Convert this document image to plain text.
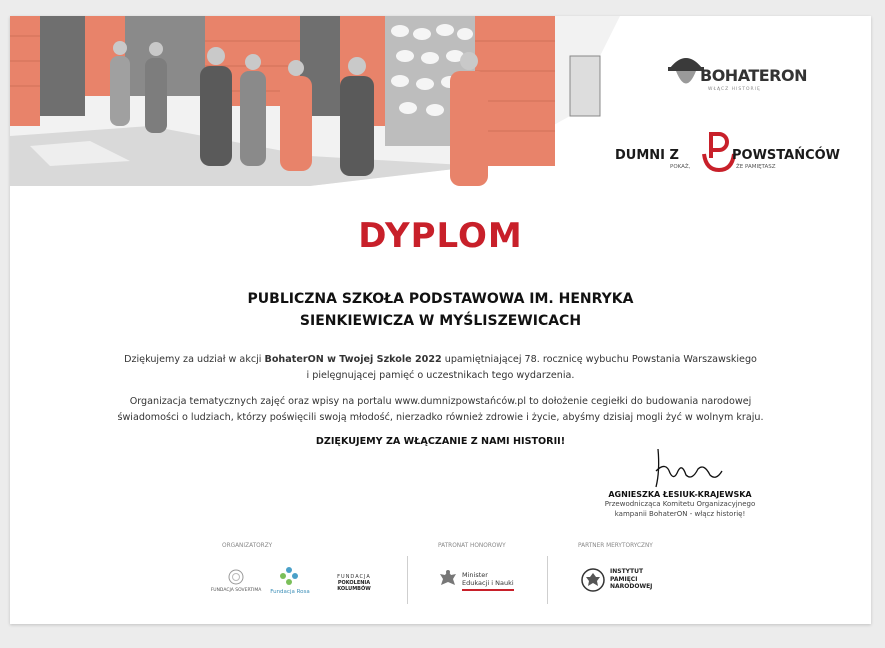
BOHATERON
WŁĄCZ HISTORIĘ
DUMNI Z	POWSTAŃCÓW
POKAŻ,	ŻE PAMIĘTASZ
DYPLOM
PUBLICZNA SZKOŁA PODSTAWOWA IM. HENRYKA
SIENKIEWICZA W MYŚLISZEWICACH
Dziękujemy za udział w akcji BohaterON w Twojej Szkole 2022 upamiętniającej 78. rocznicę wybuchu Powstania Warszawskiego
i pielęgnującej pamięć o uczestnikach tego wydarzenia.
Organizacja tematycznych zajęć oraz wpisy na portalu www.dumnizpowstańców.pl to dołożenie cegiełki do budowania narodowej
świadomości o ludziach, którzy poświęcili swoją młodość, nierzadko również zdrowie i życie, abyśmy dzisiaj mogli żyć w wolnym kraju.

DZIĘKUJEMY ZA WŁĄCZANIE Z NAMI HISTORII!

AGNIESZKA ŁESIUK-KRAJEWSKA

Przewodnicząca Komitetu Organizacyjnego
kampanii BohaterON - włącz historię!

ORGANIZATORZY	PATRONAT HONOROWY	PARTNER MERYTORYCZNY

FUNDACJA SOVERTIMA	Fundacja Rosa

FUNDACJA
POKOLENIA KOLUMBÓW
Minister
Edukacji i Nauki
INSTYTUT
PAMIĘCI
NARODOWEJ
